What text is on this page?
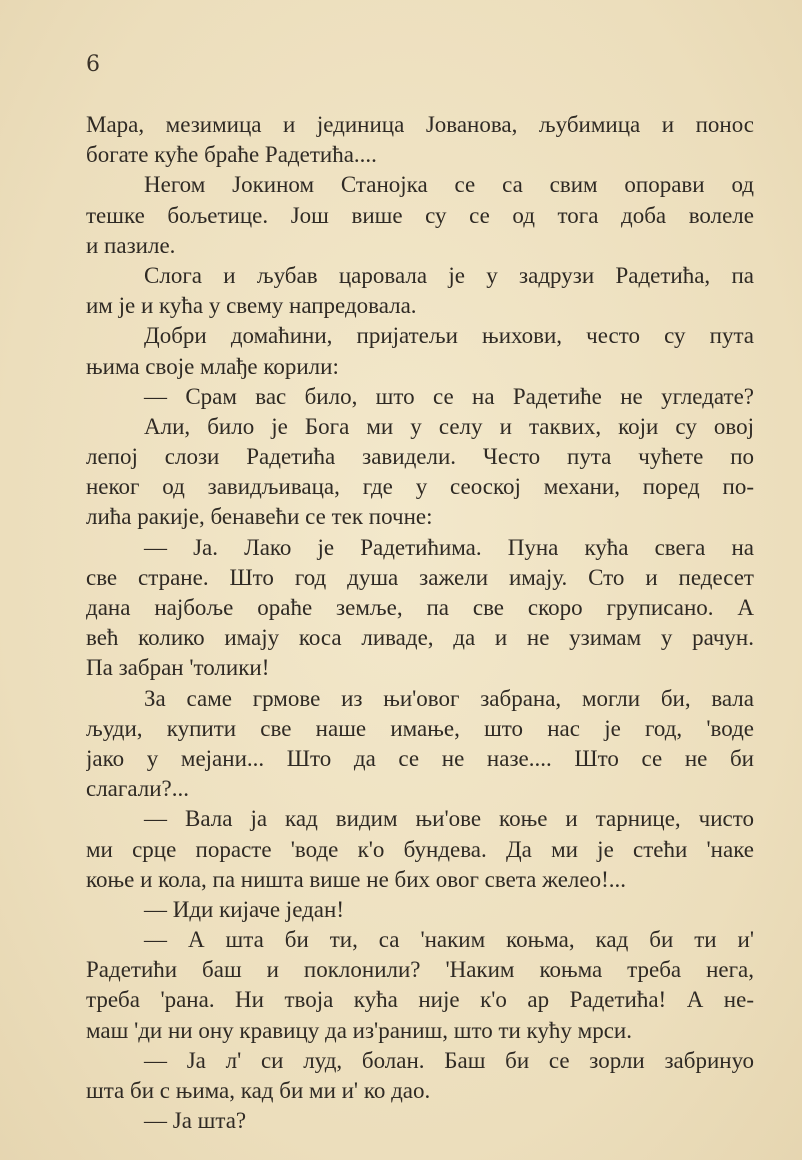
6
Мара, мезимица и јединица Јованова, љубимица и понос
богате куће браће Радетића....
Негом Јокином Станојка се са свим опорави од
тешке бољетице. Још више су се од тога доба волеле
и пазиле.
Слога и љубав царовала је у задрузи Радетића, па
им је и кућа у свему напредовала.
Добри домаћини, пријатељи њихови, често су пута
њима своје млађе корили:
— Срам вас било, што се на Радетиће не угледате?
Али, било је Бога ми у селу и таквих, који су овој
лепој слози Радетића завидели. Често пута чућете по
неког од завидљиваца, где у сеоској механи, поред по-
лића ракије, бенавећи се тек почне:
— Ја. Лако је Радетићима. Пуна кућа свега на
све стране. Што год душа зажели имају. Сто и педесет
дана најбоље ораће земље, па све скоро груписано. А
већ колико имају коса ливаде, да и не узимам у рачун.
Па забран 'толики!
За саме грмове из њи'овог забрана, могли би, вала
људи, купити све наше имање, што нас је год, 'воде
јако у мејани... Што да се не назе.... Што се не би
слагали?...
— Вала ја кад видим њи'ове коње и тарнице, чисто
ми срце порасте 'воде к'о бундева. Да ми је стећи 'наке
коње и кола, па ништа више не бих овог света желео!...
— Иди кијаче један!
— А шта би ти, са 'наким коњма, кад би ти и'
Радетићи баш и поклонили? 'Наким коњма треба нега,
треба 'рана. Ни твоја кућа није к'о ар Радетића! А не-
маш 'ди ни ону кравицу да из'раниш, што ти кућу мрси.
— Ја л' си луд, болан. Баш би се зорли забринуо
шта би с њима, кад би ми и' ко дао.
— Ја шта?
